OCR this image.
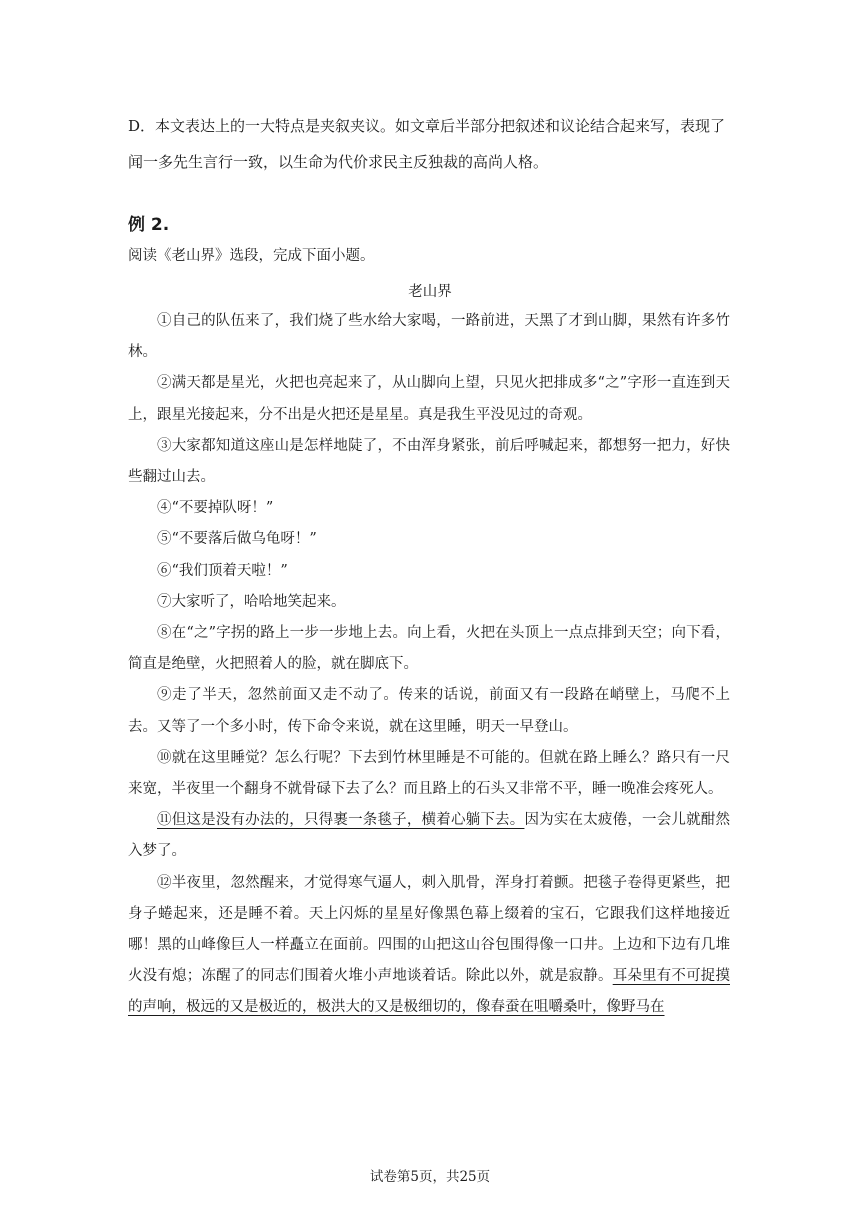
D．本文表达上的一大特点是夹叙夹议。如文章后半部分把叙述和议论结合起来写，表现了闻一多先生言行一致，以生命为代价求民主反独裁的高尚人格。

例 2.
阅读《老山界》选段，完成下面小题。
老山界

①自己的队伍来了，我们烧了些水给大家喝，一路前进，天黑了才到山脚，果然有许多竹林。

②满天都是星光，火把也亮起来了，从山脚向上望，只见火把排成多“之”字形一直连到天上，跟星光接起来，分不出是火把还是星星。真是我生平没见过的奇观。

③大家都知道这座山是怎样地陡了，不由浑身紧张，前后呼喊起来，都想努一把力，好快些翻过山去。

④“不要掉队呀！”

⑤“不要落后做乌龟呀！”

⑥“我们顶着天啦！”

⑦大家听了，哈哈地笑起来。

⑧在“之”字拐的路上一步一步地上去。向上看，火把在头顶上一点点排到天空；向下看，简直是绝壁，火把照着人的脸，就在脚底下。

⑨走了半天，忽然前面又走不动了。传来的话说，前面又有一段路在峭壁上，马爬不上去。又等了一个多小时，传下命令来说，就在这里睡，明天一早登山。

⑩就在这里睡觉？怎么行呢？下去到竹林里睡是不可能的。但就在路上睡么？路只有一尺来宽，半夜里一个翻身不就骨碌下去了么？而且路上的石头又非常不平，睡一晚准会疼死人。

⑪但这是没有办法的，只得裹一条毯子，横着心躺下去。因为实在太疲倦，一会儿就酣然入梦了。

⑫半夜里，忽然醒来，才觉得寒气逼人，刺入肌骨，浑身打着颤。把毯子卷得更紧些，把身子蜷起来，还是睡不着。天上闪烁的星星好像黑色幕上缀着的宝石，它跟我们这样地接近哪！黑的山峰像巨人一样矗立在面前。四围的山把这山谷包围得像一口井。上边和下边有几堆火没有熄；冻醒了的同志们围着火堆小声地谈着话。除此以外，就是寂静。耳朵里有不可捉摸的声响，极远的又是极近的，极洪大的又是极细切的，像春蚕在咀嚼桑叶，像野马在

试卷第5页，共25页
